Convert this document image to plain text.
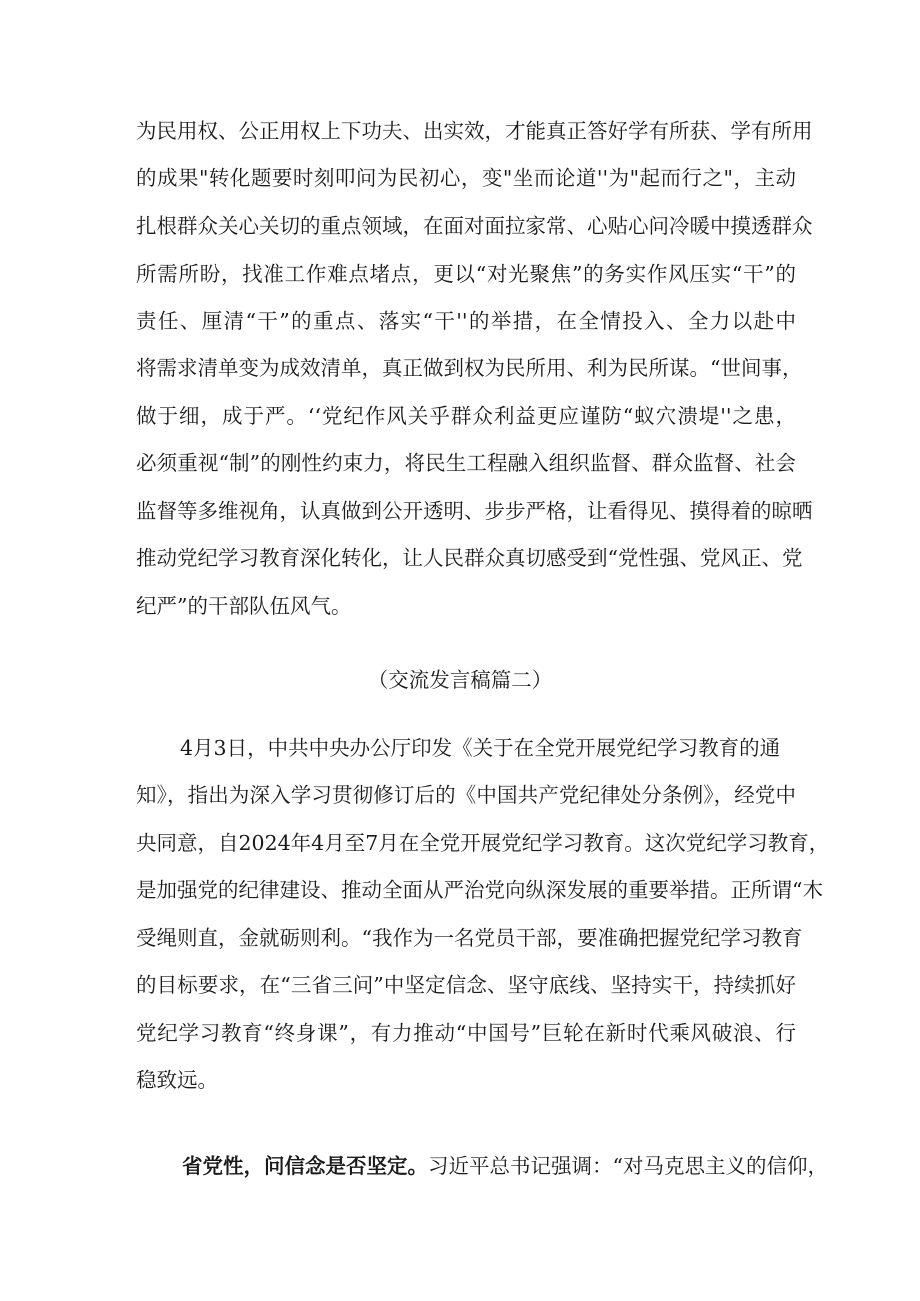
为民用权、公正用权上下功夫、出实效，才能真正答好学有所获、学有所用
的成果"转化题要时刻叩问为民初心，变"坐而论道''为"起而行之"，主动
扎根群众关心关切的重点领域，在面对面拉家常、心贴心问冷暖中摸透群众
所需所盼，找准工作难点堵点，更以“对光聚焦”的务实作风压实“干”的
责任、厘清“干”的重点、落实“干''的举措，在全情投入、全力以赴中
将需求清单变为成效清单，真正做到权为民所用、利为民所谋。“世间事，
做于细，成于严。‘‘党纪作风关乎群众利益更应谨防“蚁穴溃堤''之患，
必须重视“制”的刚性约束力，将民生工程融入组织监督、群众监督、社会
监督等多维视角，认真做到公开透明、步步严格，让看得见、摸得着的晾晒
推动党纪学习教育深化转化，让人民群众真切感受到“党性强、党风正、党
纪严”的干部队伍风气。
（交流发言稿篇二）
4月3日，中共中央办公厅印发《关于在全党开展党纪学习教育的通
知》，指出为深入学习贯彻修订后的《中国共产党纪律处分条例》，经党中
央同意，自2024年4月至7月在全党开展党纪学习教育。这次党纪学习教育，
是加强党的纪律建设、推动全面从严治党向纵深发展的重要举措。正所谓“木
受绳则直，金就砺则利。“我作为一名党员干部，要准确把握党纪学习教育
的目标要求，在“三省三问”中坚定信念、坚守底线、坚持实干，持续抓好
党纪学习教育“终身课”，有力推动“中国号”巨轮在新时代乘风破浪、行
稳致远。
省党性，问信念是否坚定。习近平总书记强调：“对马克思主义的信仰，
